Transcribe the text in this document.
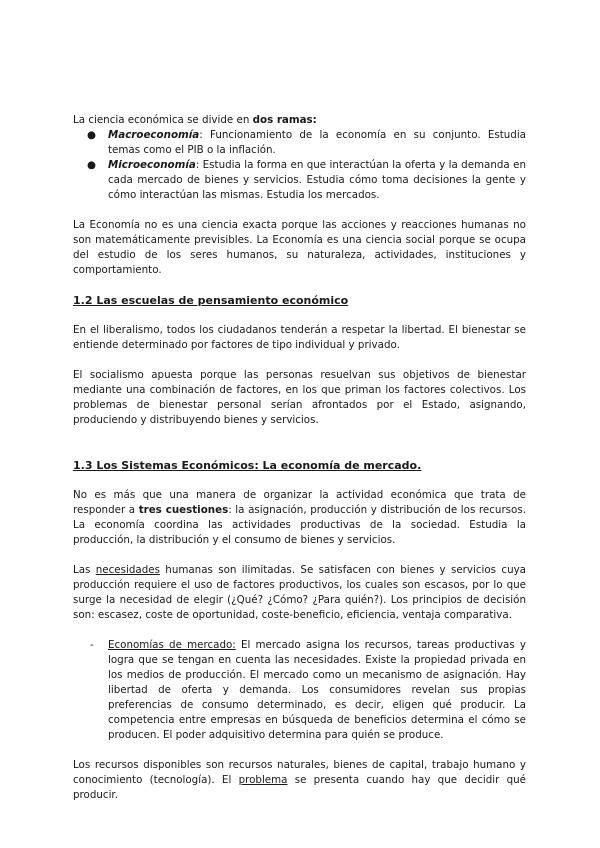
La ciencia económica se divide en dos ramas:

● Macroeconomía: Funcionamiento de la economía en su conjunto. Estudia temas como el PIB o la inflación.
● Microeconomía: Estudia la forma en que interactúan la oferta y la demanda en cada mercado de bienes y servicios. Estudia cómo toma decisiones la gente y cómo interactúan las mismas. Estudia los mercados.

La Economía no es una ciencia exacta porque las acciones y reacciones humanas no son matemáticamente previsibles. La Economía es una ciencia social porque se ocupa del estudio de los seres humanos, su naturaleza, actividades, instituciones y comportamiento.

1.2 Las escuelas de pensamiento económico

En el liberalismo, todos los ciudadanos tenderán a respetar la libertad. El bienestar se entiende determinado por factores de tipo individual y privado.

El socialismo apuesta porque las personas resuelvan sus objetivos de bienestar mediante una combinación de factores, en los que priman los factores colectivos. Los problemas de bienestar personal serían afrontados por el Estado, asignando, produciendo y distribuyendo bienes y servicios.

1.3 Los Sistemas Económicos: La economía de mercado.

No es más que una manera de organizar la actividad económica que trata de responder a tres cuestiones: la asignación, producción y distribución de los recursos. La economía coordina las actividades productivas de la sociedad. Estudia la producción, la distribución y el consumo de bienes y servicios.

Las necesidades humanas son ilimitadas. Se satisfacen con bienes y servicios cuya producción requiere el uso de factores productivos, los cuales son escasos, por lo que surge la necesidad de elegir (¿Qué? ¿Cómo? ¿Para quién?). Los principios de decisión son: escasez, coste de oportunidad, coste-beneficio, eficiencia, ventaja comparativa.

- Economías de mercado: El mercado asigna los recursos, tareas productivas y logra que se tengan en cuenta las necesidades. Existe la propiedad privada en los medios de producción. El mercado como un mecanismo de asignación. Hay libertad de oferta y demanda. Los consumidores revelan sus propias preferencias de consumo determinado, es decir, eligen qué producir. La competencia entre empresas en búsqueda de beneficios determina el cómo se producen. El poder adquisitivo determina para quién se produce.

Los recursos disponibles son recursos naturales, bienes de capital, trabajo humano y conocimiento (tecnología). El problema se presenta cuando hay que decidir qué producir.
